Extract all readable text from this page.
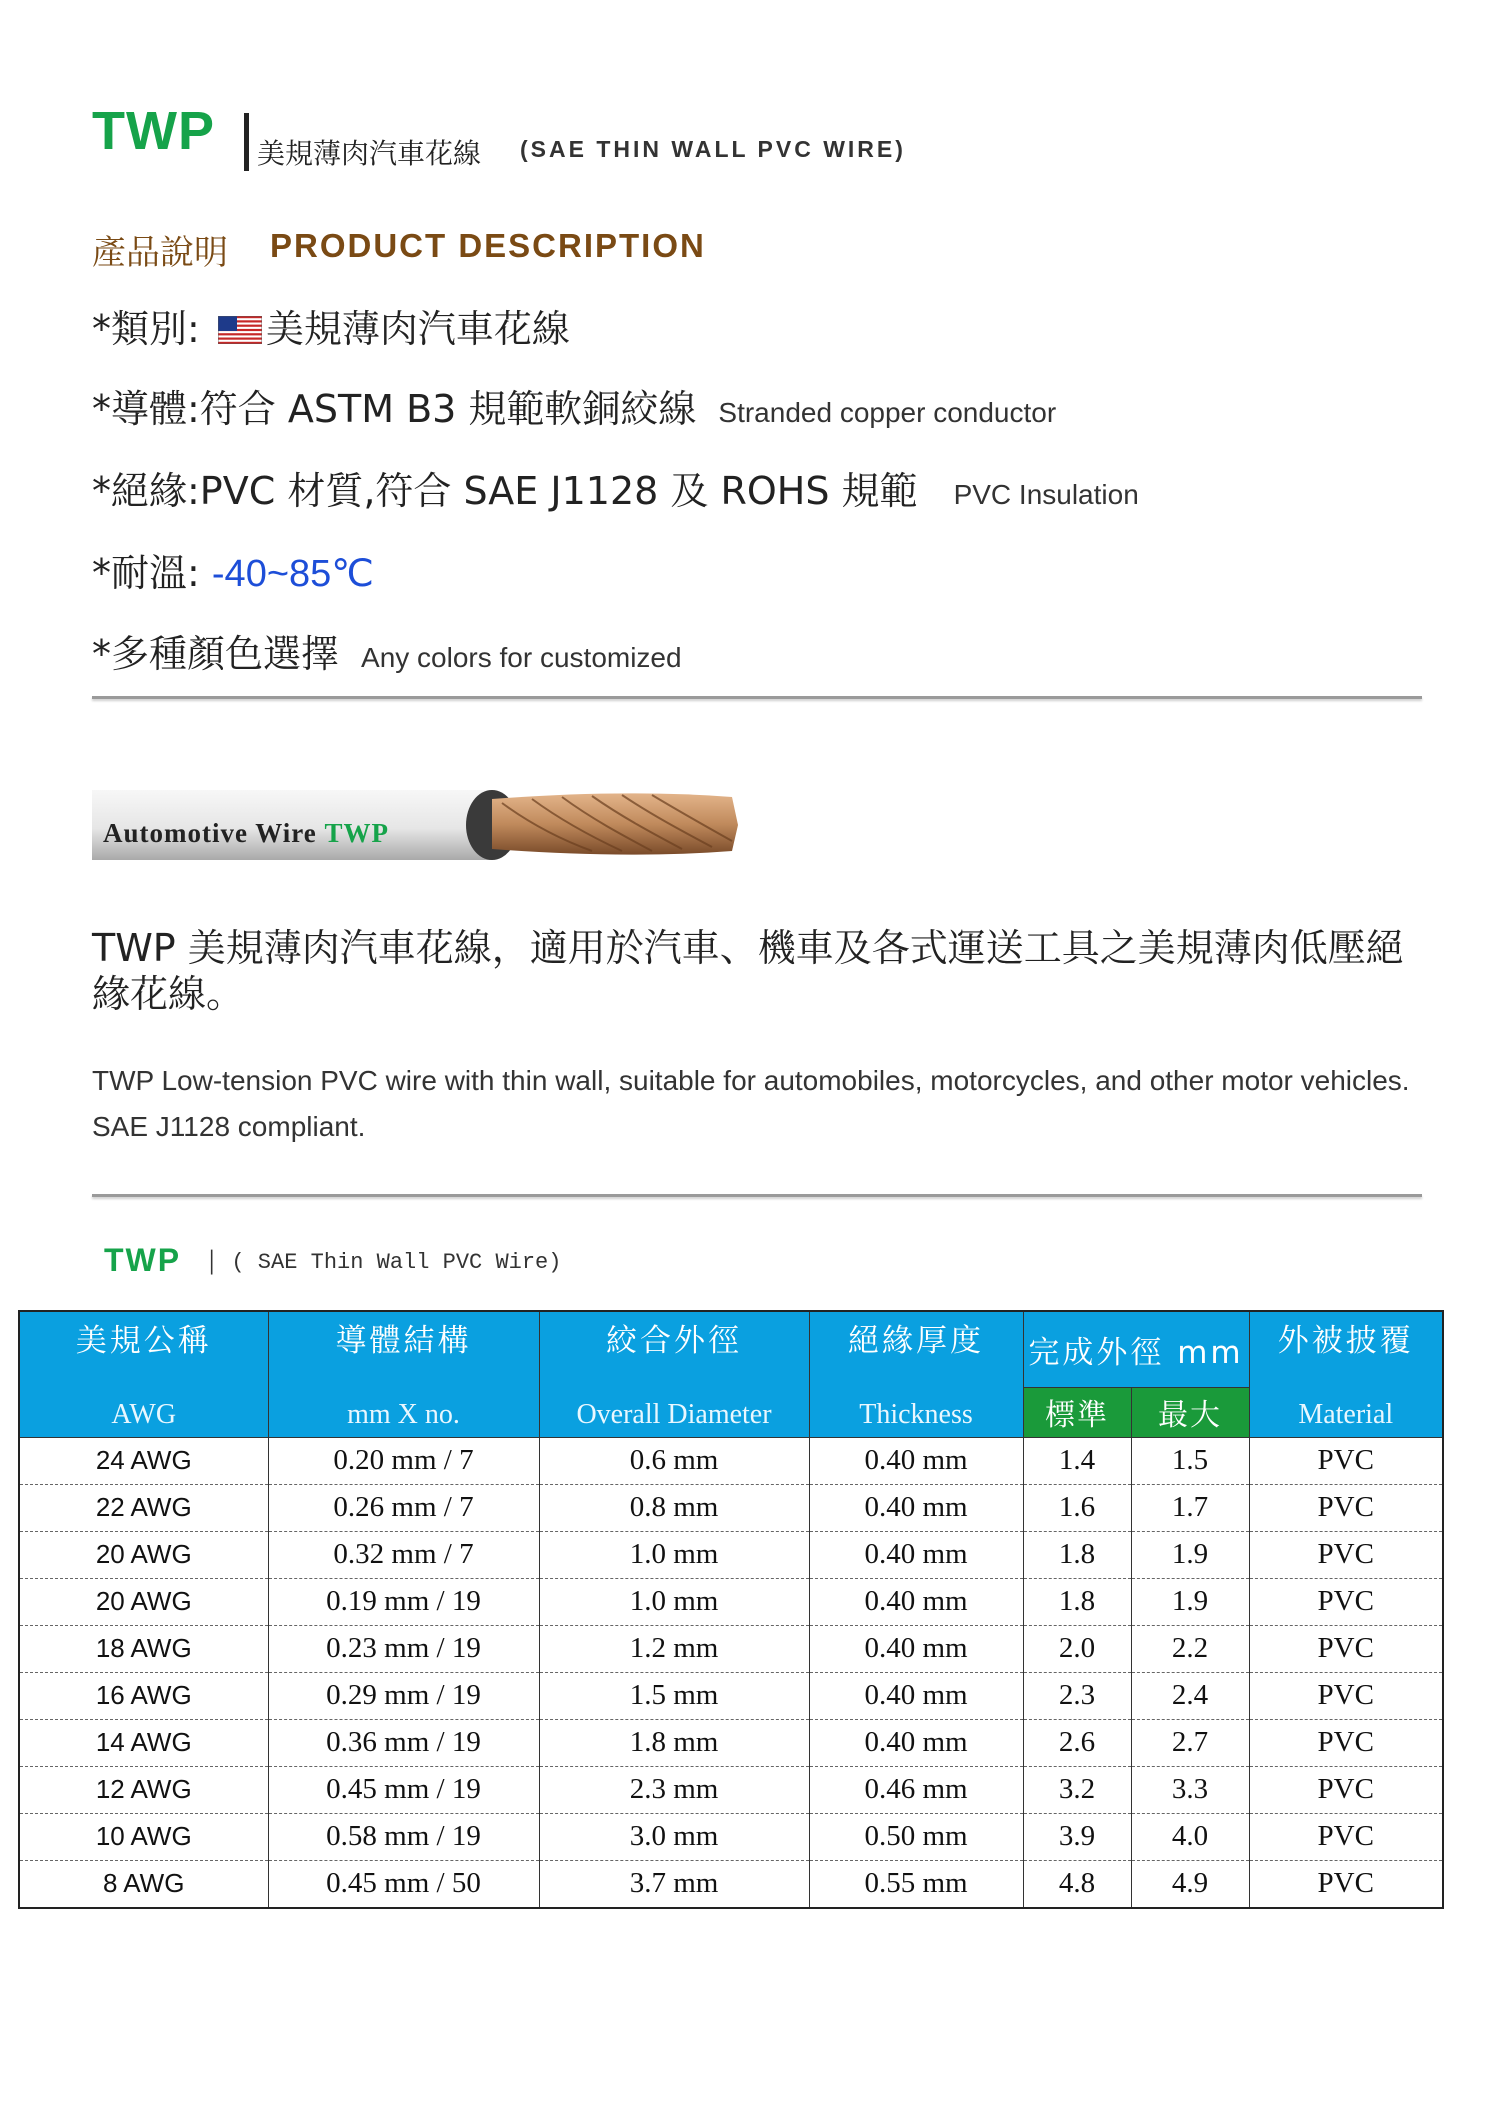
TWP 美規薄肉汽車花線 (SAE THIN WALL PVC WIRE)
產品說明 PRODUCT DESCRIPTION
*類別: 美規薄肉汽車花線
*導體:符合 ASTM B3 規範軟銅絞線 Stranded copper conductor
*絕緣:PVC 材質,符合 SAE J1128 及 ROHS 規範 PVC Insulation
*耐溫: -40~85℃
*多種顏色選擇 Any colors for customized
Automotive Wire TWP
TWP 美規薄肉汽車花線，適用於汽車、機車及各式運送工具之美規薄肉低壓絕緣花線。
TWP Low-tension PVC wire with thin wall, suitable for automobiles, motorcycles, and other motor vehicles. SAE J1128 compliant.
TWP │ ( SAE Thin Wall PVC Wire)
美規公稱	導體結構	絞合外徑	絕緣厚度	完成外徑 mm		外被披覆
AWG	mm X no.	Overall Diameter	Thickness			Material
				標準	最大	
24 AWG	0.20 mm / 7	0.6 mm	0.40 mm	1.4	1.5	PVC
22 AWG	0.26 mm / 7	0.8 mm	0.40 mm	1.6	1.7	PVC
20 AWG	0.32 mm / 7	1.0 mm	0.40 mm	1.8	1.9	PVC
20 AWG	0.19 mm / 19	1.0 mm	0.40 mm	1.8	1.9	PVC
18 AWG	0.23 mm / 19	1.2 mm	0.40 mm	2.0	2.2	PVC
16 AWG	0.29 mm / 19	1.5 mm	0.40 mm	2.3	2.4	PVC
14 AWG	0.36 mm / 19	1.8 mm	0.40 mm	2.6	2.7	PVC
12 AWG	0.45 mm / 19	2.3 mm	0.46 mm	3.2	3.3	PVC
10 AWG	0.58 mm / 19	3.0 mm	0.50 mm	3.9	4.0	PVC
8 AWG	0.45 mm / 50	3.7 mm	0.55 mm	4.8	4.9	PVC
